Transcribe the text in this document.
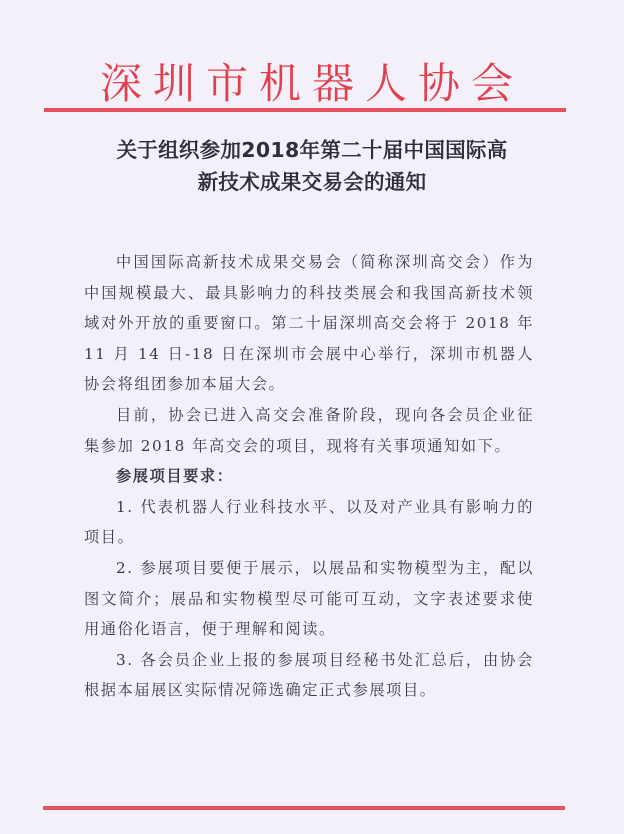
深圳市机器人协会
关于组织参加2018年第二十届中国国际高
新技术成果交易会的通知

中国国际高新技术成果交易会（简称深圳高交会）作为中国规模最大、最具影响力的科技类展会和我国高新技术领域对外开放的重要窗口。第二十届深圳高交会将于 2018 年 11 月 14 日-18 日在深圳市会展中心举行，深圳市机器人协会将组团参加本届大会。

目前，协会已进入高交会准备阶段，现向各会员企业征集参加 2018 年高交会的项目，现将有关事项通知如下。

参展项目要求：

1. 代表机器人行业科技水平、以及对产业具有影响力的项目。

2. 参展项目要便于展示，以展品和实物模型为主，配以图文简介；展品和实物模型尽可能可互动，文字表述要求使用通俗化语言，便于理解和阅读。

3. 各会员企业上报的参展项目经秘书处汇总后，由协会根据本届展区实际情况筛选确定正式参展项目。
